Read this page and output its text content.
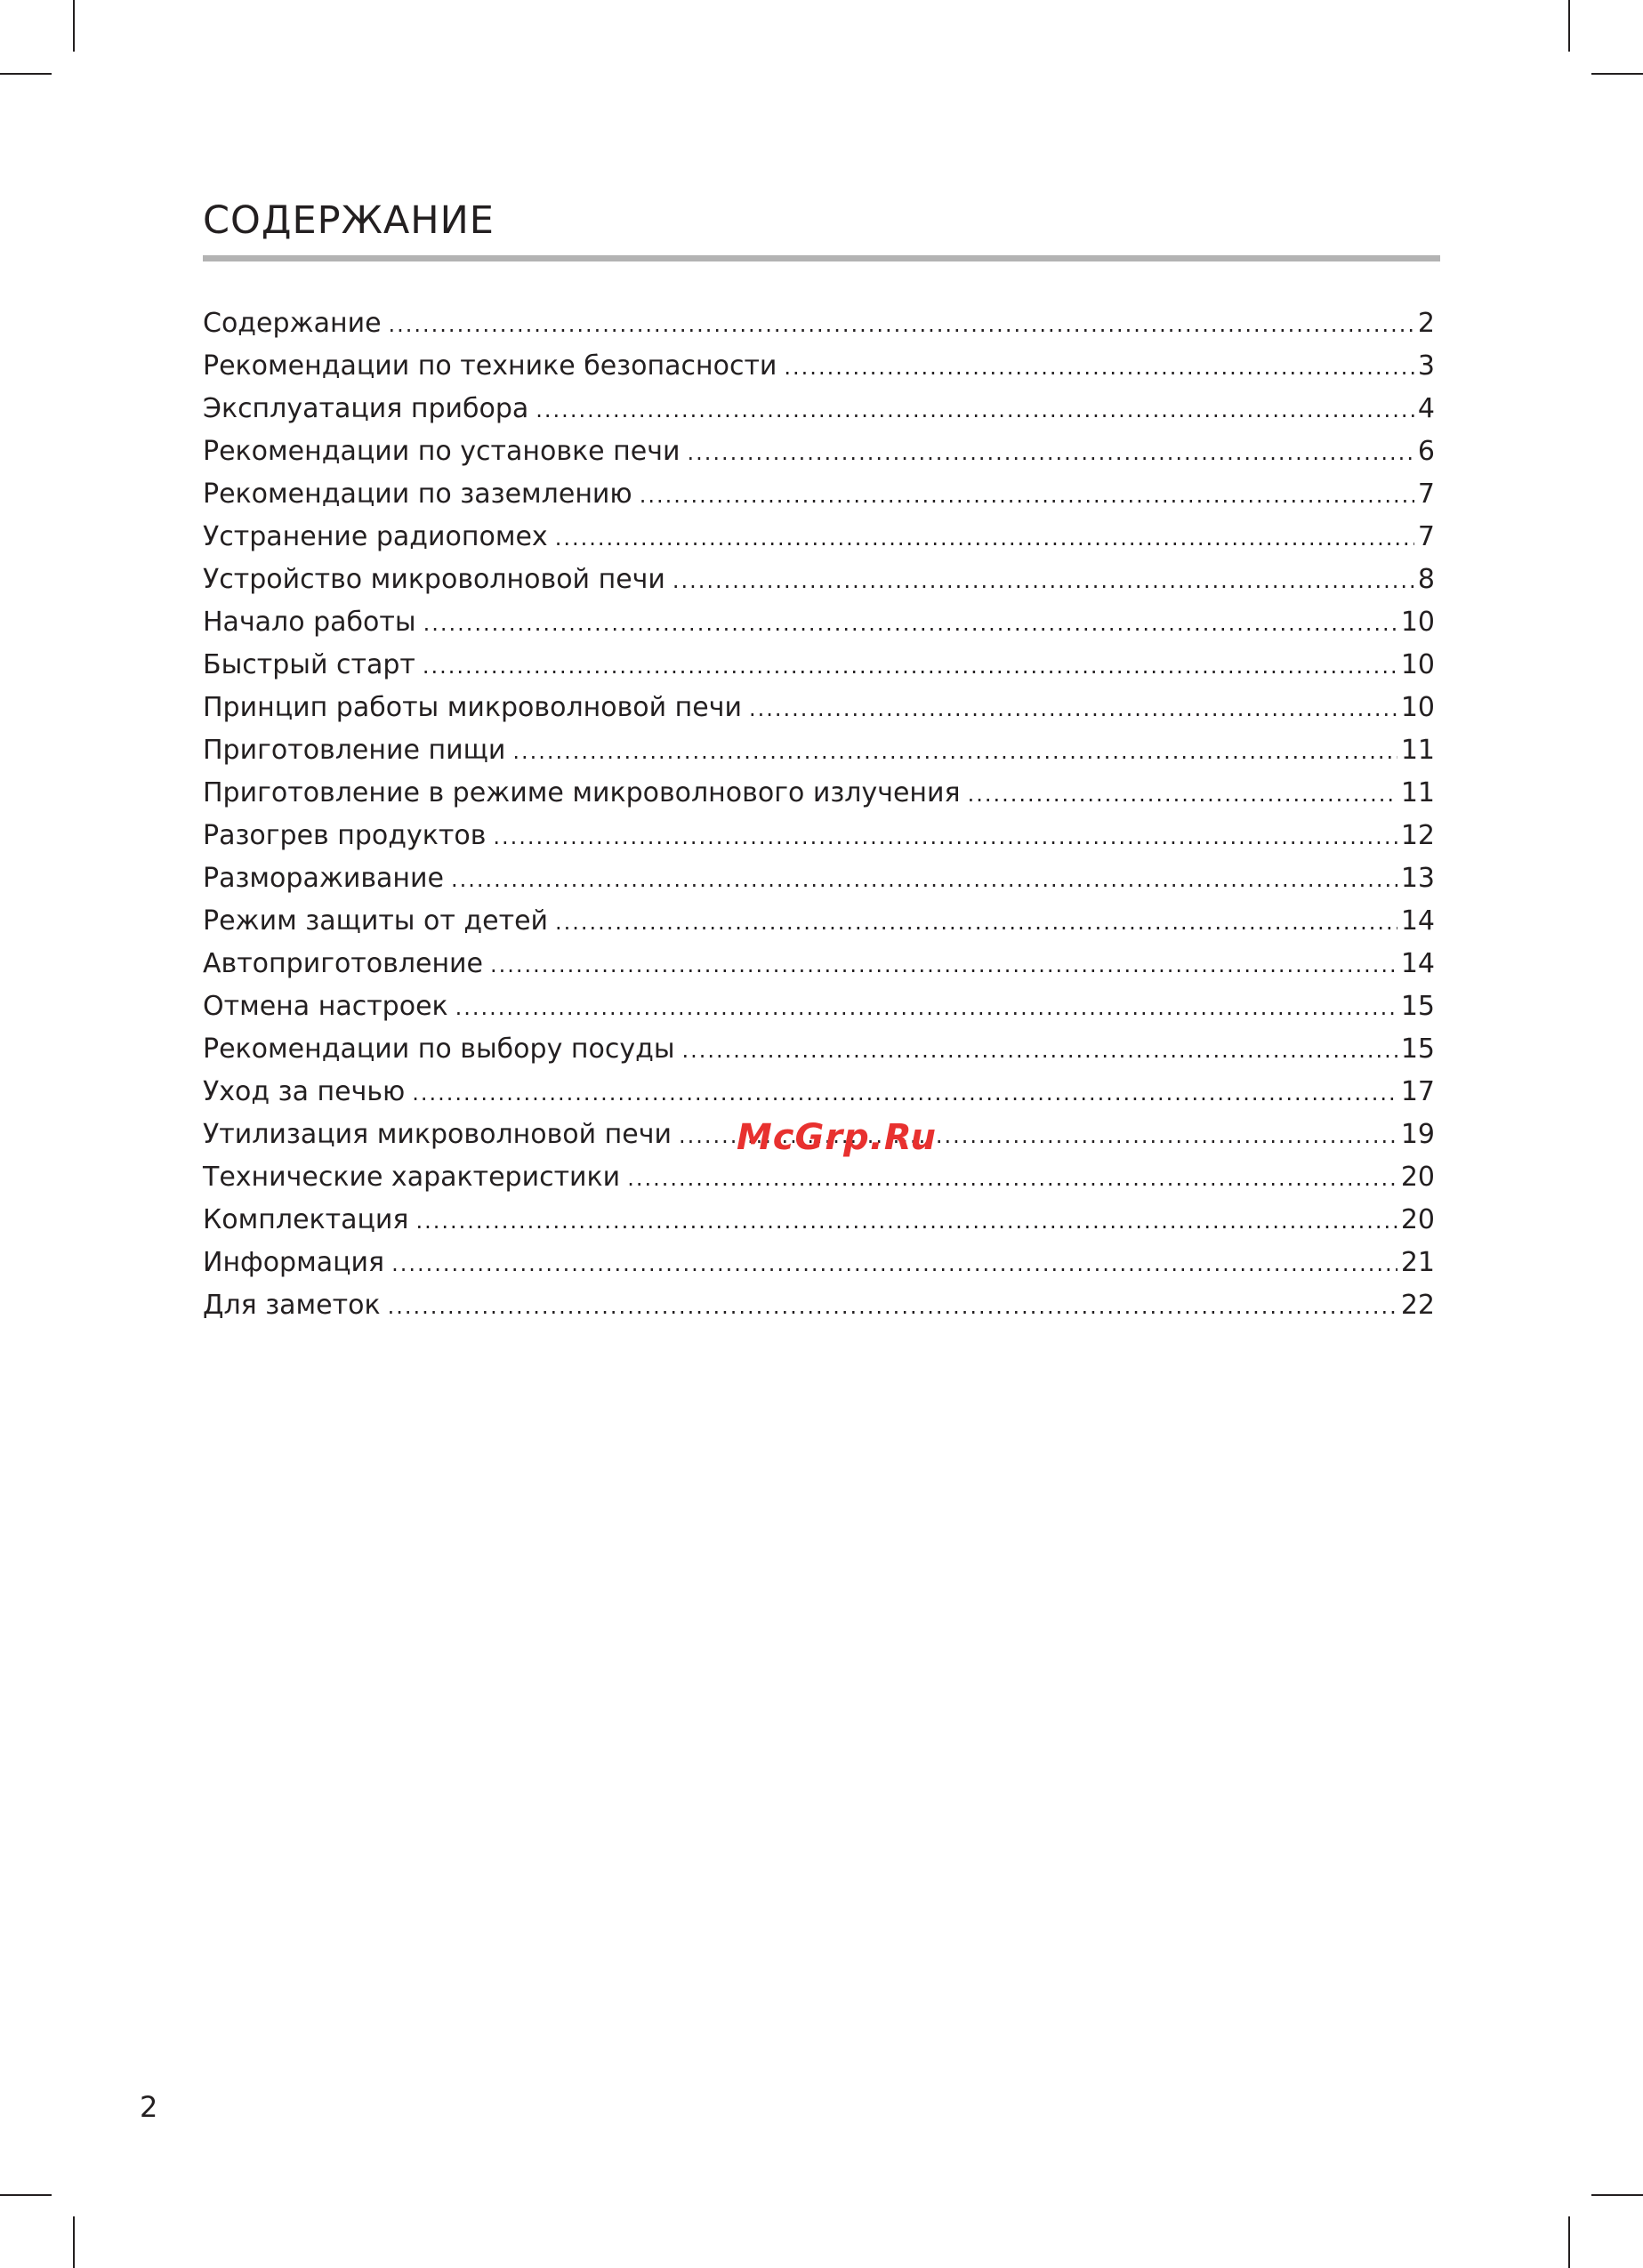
СОДЕРЖАНИЕ
Содержание .....	2
Рекомендации по технике безопасности .....	3
Эксплуатация прибора .....	4
Рекомендации по установке печи .....	6
Рекомендации по заземлению .....	7
Устранение радиопомех .....	7
Устройство микроволновой печи .....	8
Начало работы .....	10
Быстрый старт .....	10
Принцип работы микроволновой печи .....	10
Приготовление пищи .....	11
Приготовление в режиме микроволнового излучения .....	11
Разогрев продуктов .....	12
Размораживание .....	13
Режим защиты от детей .....	14
Автоприготовление .....	14
Отмена настроек .....	15
Рекомендации по выбору посуды .....	15
Уход за печью .....	17
Утилизация микроволновой печи .....	19
Технические характеристики .....	20
Комплектация .....	20
Информация .....	21
Для заметок .....	22
McGrp.Ru
2
